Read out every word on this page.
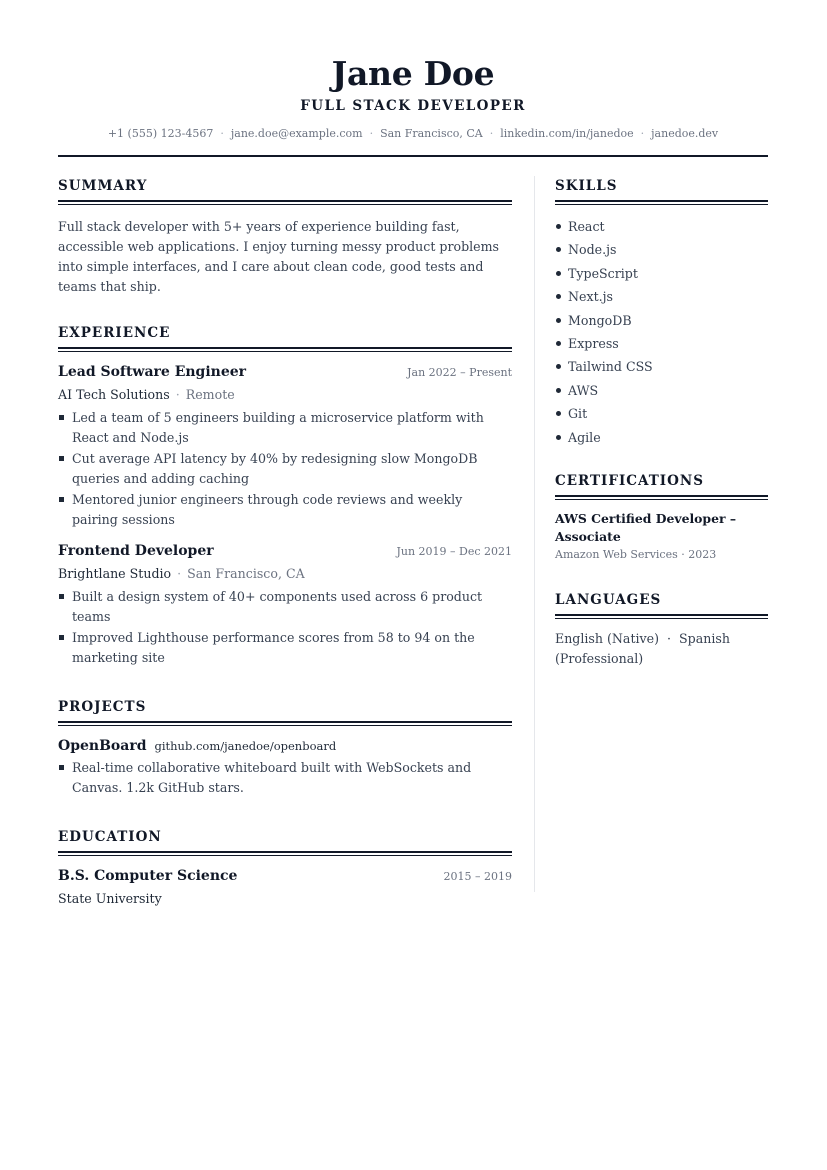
Jane Doe
FULL STACK DEVELOPER
+1 (555) 123-4567 · jane.doe@example.com · San Francisco, CA · linkedin.com/in/janedoe · janedoe.dev
SUMMARY
Full stack developer with 5+ years of experience building fast, accessible web applications. I enjoy turning messy product problems into simple interfaces, and I care about clean code, good tests and teams that ship.
EXPERIENCE
Lead Software Engineer	Jan 2022 – Present
AI Tech Solutions · Remote
Led a team of 5 engineers building a microservice platform with React and Node.js
Cut average API latency by 40% by redesigning slow MongoDB queries and adding caching
Mentored junior engineers through code reviews and weekly pairing sessions
Frontend Developer	Jun 2019 – Dec 2021
Brightlane Studio · San Francisco, CA
Built a design system of 40+ components used across 6 product teams
Improved Lighthouse performance scores from 58 to 94 on the marketing site
PROJECTS
OpenBoard github.com/janedoe/openboard
Real-time collaborative whiteboard built with WebSockets and Canvas. 1.2k GitHub stars.
EDUCATION
B.S. Computer Science	2015 – 2019
State University
SKILLS
React
Node.js
TypeScript
Next.js
MongoDB
Express
Tailwind CSS
AWS
Git
Agile
CERTIFICATIONS
AWS Certified Developer – Associate
Amazon Web Services · 2023
LANGUAGES
English (Native)  ·  Spanish (Professional)
